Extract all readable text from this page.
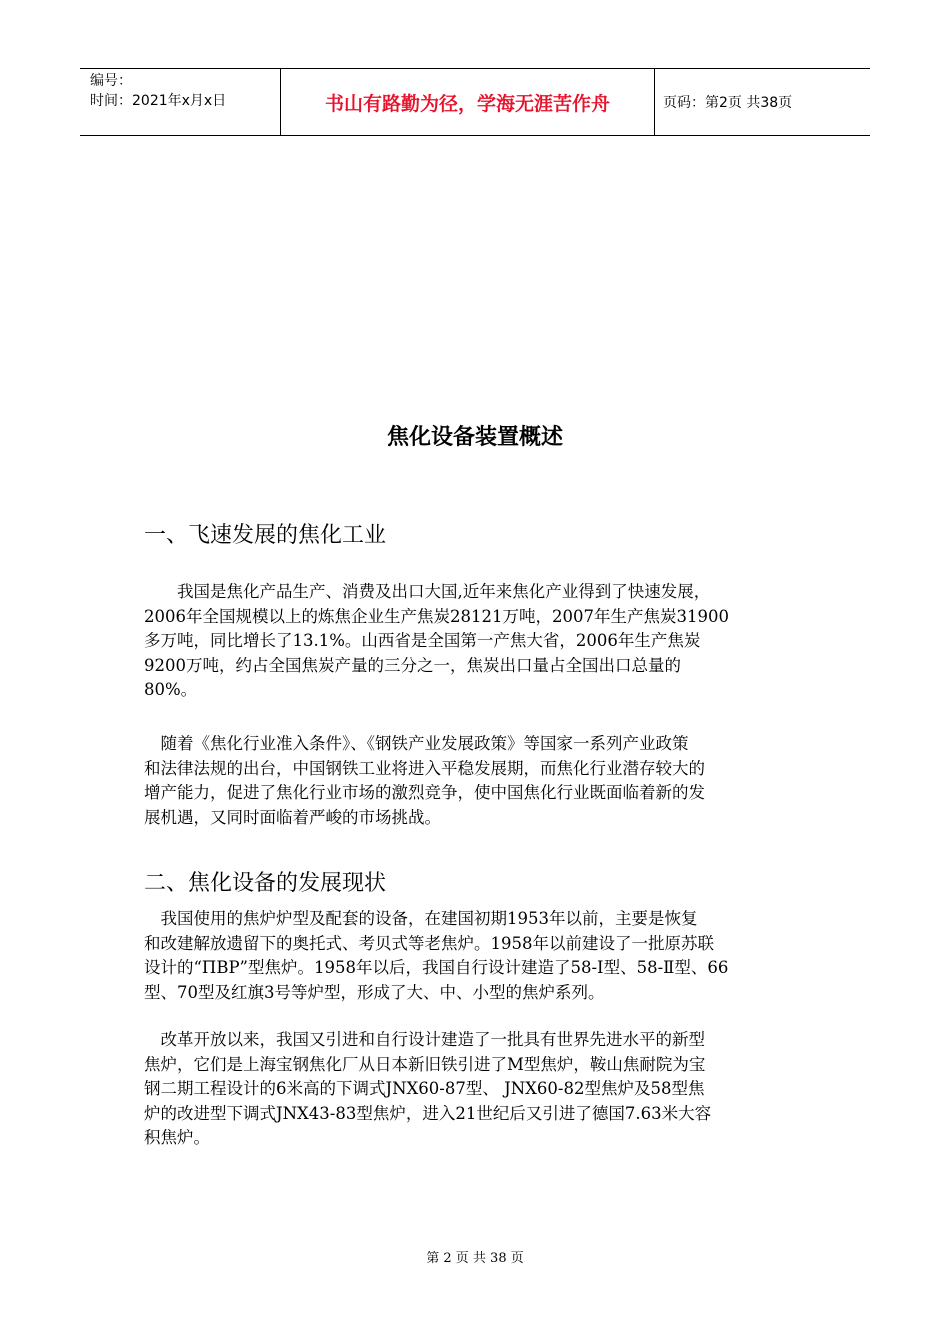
编号：
时间：2021年x月x日	书山有路勤为径，学海无涯苦作舟	页码：第2页 共38页
焦化设备装置概述
一、飞速发展的焦化工业

　　我国是焦化产品生产、消费及出口大国,近年来焦化产业得到了快速发展，
2006年全国规模以上的炼焦企业生产焦炭28121万吨，2007年生产焦炭31900
多万吨，同比增长了13.1%。山西省是全国第一产焦大省，2006年生产焦炭
9200万吨，约占全国焦炭产量的三分之一，焦炭出口量占全国出口总量的
80%。

　随着《焦化行业准入条件》、《钢铁产业发展政策》等国家一系列产业政策
和法律法规的出台，中国钢铁工业将进入平稳发展期，而焦化行业潜存较大的
增产能力，促进了焦化行业市场的激烈竞争，使中国焦化行业既面临着新的发
展机遇，又同时面临着严峻的市场挑战。

二、焦化设备的发展现状

　我国使用的焦炉炉型及配套的设备，在建国初期1953年以前，主要是恢复
和改建解放遗留下的奥托式、考贝式等老焦炉。1958年以前建设了一批原苏联
设计的“ПВР”型焦炉。1958年以后，我国自行设计建造了58-Ⅰ型、58-Ⅱ型、66
型、70型及红旗3号等炉型，形成了大、中、小型的焦炉系列。

　改革开放以来，我国又引进和自行设计建造了一批具有世界先进水平的新型
焦炉，它们是上海宝钢焦化厂从日本新旧铁引进了M型焦炉，鞍山焦耐院为宝
钢二期工程设计的6米高的下调式JNX60-87型、 JNX60-82型焦炉及58型焦
炉的改进型下调式JNX43-83型焦炉，进入21世纪后又引进了德国7.63米大容
积焦炉。

第 2 页 共 38 页
